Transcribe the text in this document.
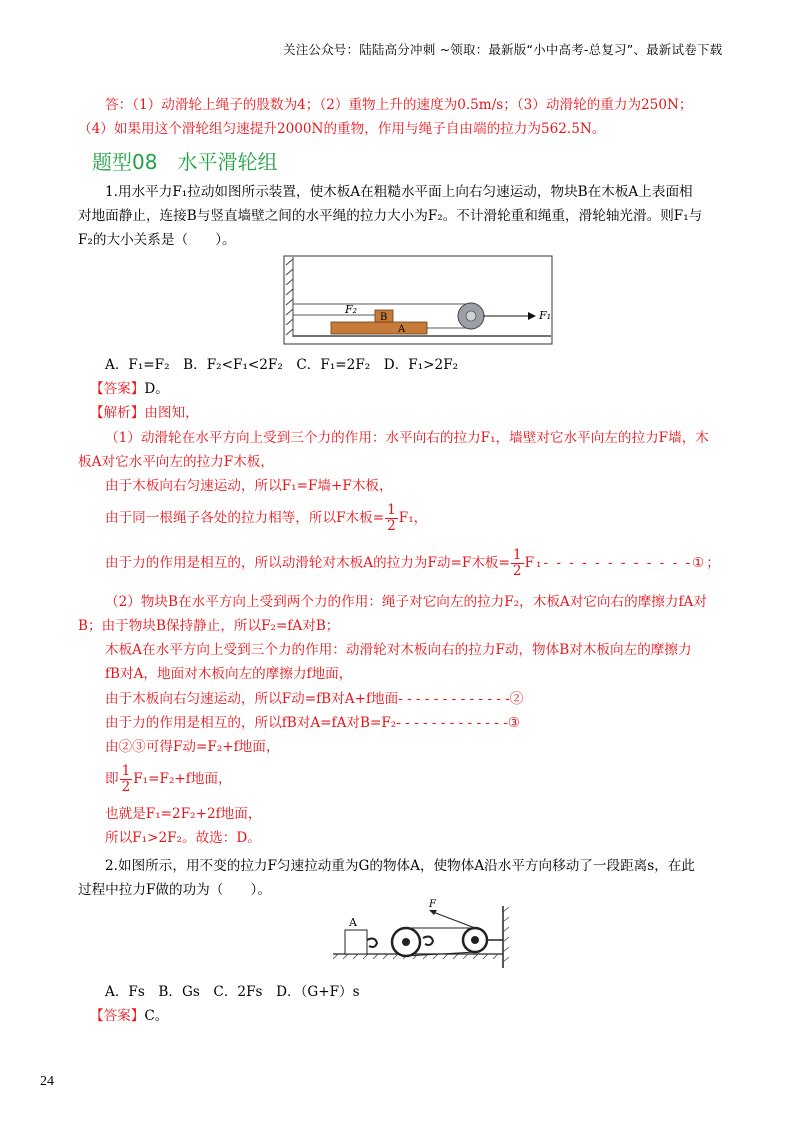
关注公众号：陆陆高分冲刺 ~领取：最新版“小中高考-总复习”、最新试卷下载
答：（1）动滑轮上绳子的股数为4；（2）重物上升的速度为0.5m/s；（3）动滑轮的重力为250N；
（4）如果用这个滑轮组匀速提升2000N的重物，作用与绳子自由端的拉力为562.5N。
题型08　水平滑轮组
1.用水平力F₁拉动如图所示装置，使木板A在粗糙水平面上向右匀速运动，物块B在木板A上表面相
对地面静止，连接B与竖直墙壁之间的水平绳的拉力大小为F₂。不计滑轮重和绳重，滑轮轴光滑。则F₁与
F₂的大小关系是（　　）。
F₂
B
A
F₁
A．F₁=F₂　B．F₂<F₁<2F₂　C．F₁=2F₂　D．F₁>2F₂
【答案】D。
【解析】由图知，
（1）动滑轮在水平方向上受到三个力的作用：水平向右的拉力F₁，墙壁对它水平向左的拉力F墙，木
板A对它水平向左的拉力F木板，
由于木板向右匀速运动，所以F₁=F墙+F木板，
由于同一根绳子各处的拉力相等，所以F木板= $\frac{1}{2} F_1$，
由于力的作用是相互的，所以动滑轮对木板A的拉力为F动=F木板= $\frac{1}{2} F_1-$ - - - - - - - - - - -①；
（2）物块B在水平方向上受到两个力的作用：绳子对它向左的拉力F₂，木板A对它向右的摩擦力fA对
B；由于物块B保持静止，所以F₂=fA对B；
木板A在水平方向上受到三个力的作用：动滑轮对木板向右的拉力F动，物体B对木板向左的摩擦力
fB对A，地面对木板向左的摩擦力f地面，
由于木板向右匀速运动，所以F动=fB对A+f地面- - - - - - - - - - - - -②
由于力的作用是相互的，所以fB对A=fA对B=F₂- - - - - - - - - - - - -③
由②③可得F动=F₂+f地面，
即 $\frac{1}{2} F_1=F_2+f$地面，
也就是F₁=2F₂+2f地面，
所以F₁>2F₂。故选：D。
2.如图所示，用不变的拉力F匀速拉动重为G的物体A，使物体A沿水平方向移动了一段距离s，在此
过程中拉力F做的功为（　　）。
A
F
A．Fs　B．Gs　C．2Fs　D．（G+F）s
【答案】C。
24
